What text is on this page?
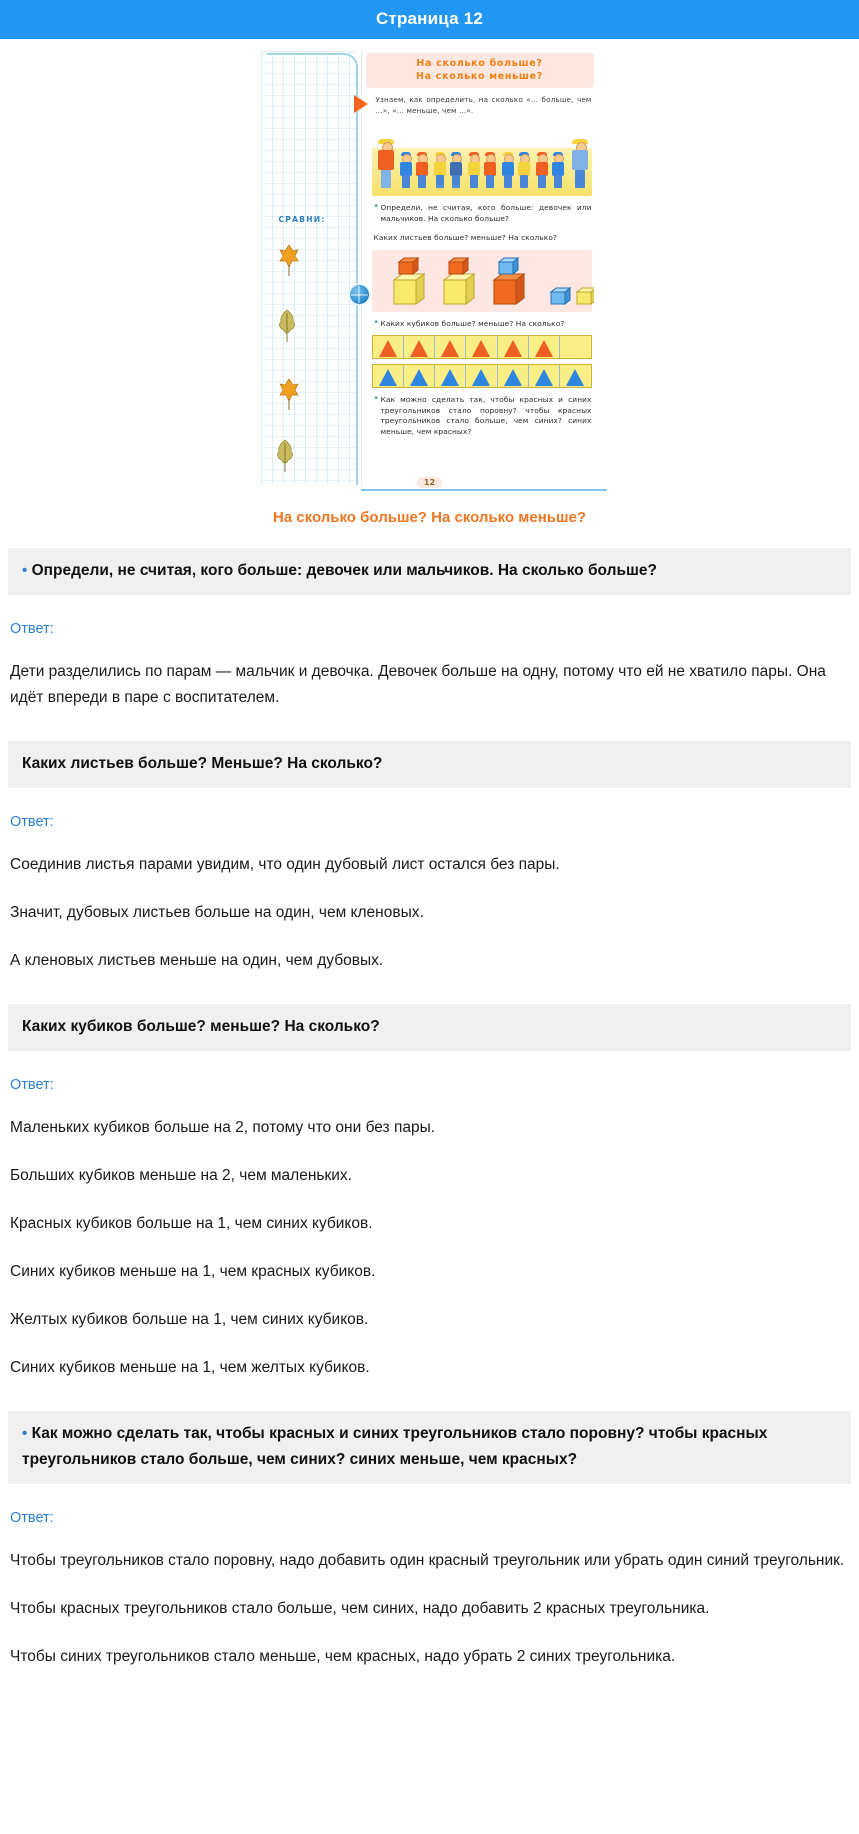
Страница 12
СРАВНИ:
На сколько больше?
На сколько меньше?
Узнаем, как определить, на сколько «... больше, чем ...», «... меньше, чем ...».
• Определи, не считая, кого больше: девочек или мальчиков. На сколько больше?
Каких листьев больше? меньше? На сколько?
• Каких кубиков больше? меньше? На сколько?
• Как можно сделать так, чтобы красных и синих треугольников стало поровну? чтобы красных треугольников стало больше, чем синих? синих меньше, чем красных?
12
На сколько больше? На сколько меньше?
• Определи, не считая, кого больше: девочек или мальчиков. На сколько больше?
Ответ:
Дети разделились по парам — мальчик и девочка. Девочек больше на одну, потому что ей не хватило пары. Она идёт впереди в паре с воспитателем.
Каких листьев больше? Меньше? На сколько?
Ответ:
Соединив листья парами увидим, что один дубовый лист остался без пары.
Значит, дубовых листьев больше на один, чем кленовых.
А кленовых листьев меньше на один, чем дубовых.
Каких кубиков больше? меньше? На сколько?
Ответ:
Маленьких кубиков больше на 2, потому что они без пары.
Больших кубиков меньше на 2, чем маленьких.
Красных кубиков больше на 1, чем синих кубиков.
Синих кубиков меньше на 1, чем красных кубиков.
Желтых кубиков больше на 1, чем синих кубиков.
Синих кубиков меньше на 1, чем желтых кубиков.
• Как можно сделать так, чтобы красных и синих треугольников стало поровну? чтобы красных треугольников стало больше, чем синих? синих меньше, чем красных?
Ответ:
Чтобы треугольников стало поровну, надо добавить один красный треугольник или убрать один синий треугольник.
Чтобы красных треугольников стало больше, чем синих, надо добавить 2 красных треугольника.
Чтобы синих треугольников стало меньше, чем красных, надо убрать 2 синих треугольника.
